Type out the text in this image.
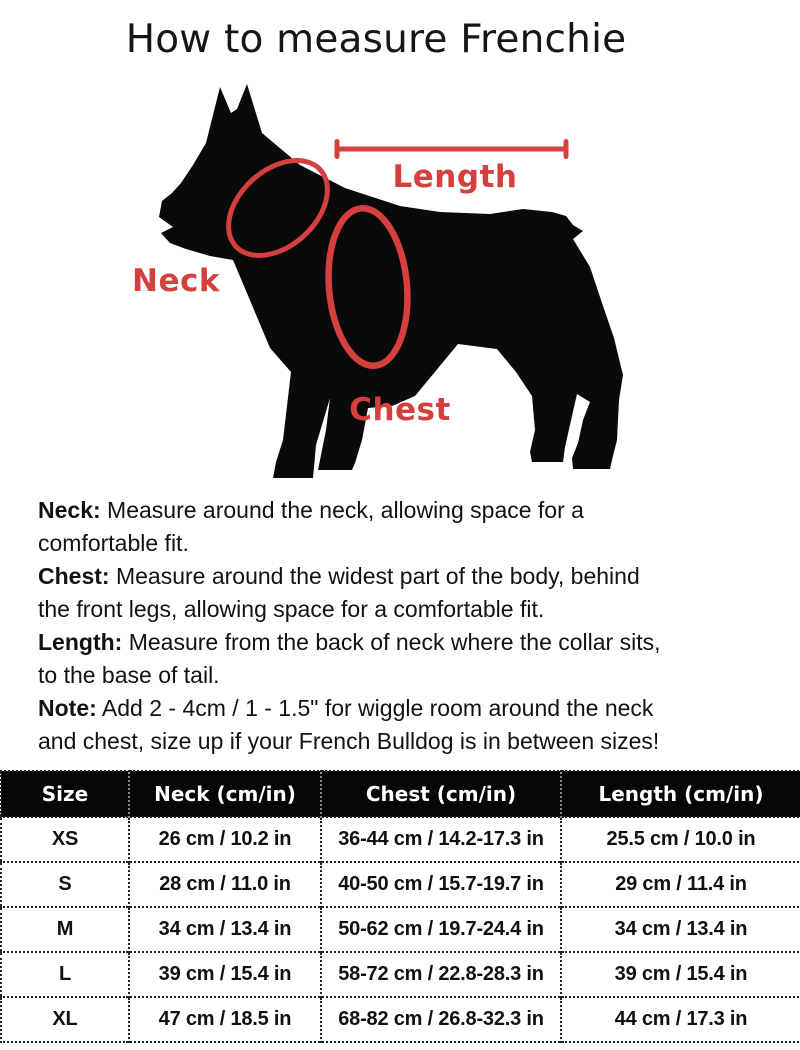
How to measure Frenchie
Length
Neck
Chest
Neck: Measure around the neck, allowing space for a
comfortable fit.
Chest: Measure around the widest part of the body, behind
the front legs, allowing space for a comfortable fit.
Length: Measure from the back of neck where the collar sits,
to the base of tail.
Note: Add 2 - 4cm / 1 - 1.5" for wiggle room around the neck
and chest, size up if your French Bulldog is in between sizes!
Size	Neck (cm/in)	Chest (cm/in)	Length (cm/in)
XS	26 cm / 10.2 in	36-44 cm / 14.2-17.3 in	25.5 cm / 10.0 in
S	28 cm / 11.0 in	40-50 cm / 15.7-19.7 in	29 cm / 11.4 in
M	34 cm / 13.4 in	50-62 cm / 19.7-24.4 in	34 cm / 13.4 in
L	39 cm / 15.4 in	58-72 cm / 22.8-28.3 in	39 cm / 15.4 in
XL	47 cm / 18.5 in	68-82 cm / 26.8-32.3 in	44 cm / 17.3 in
